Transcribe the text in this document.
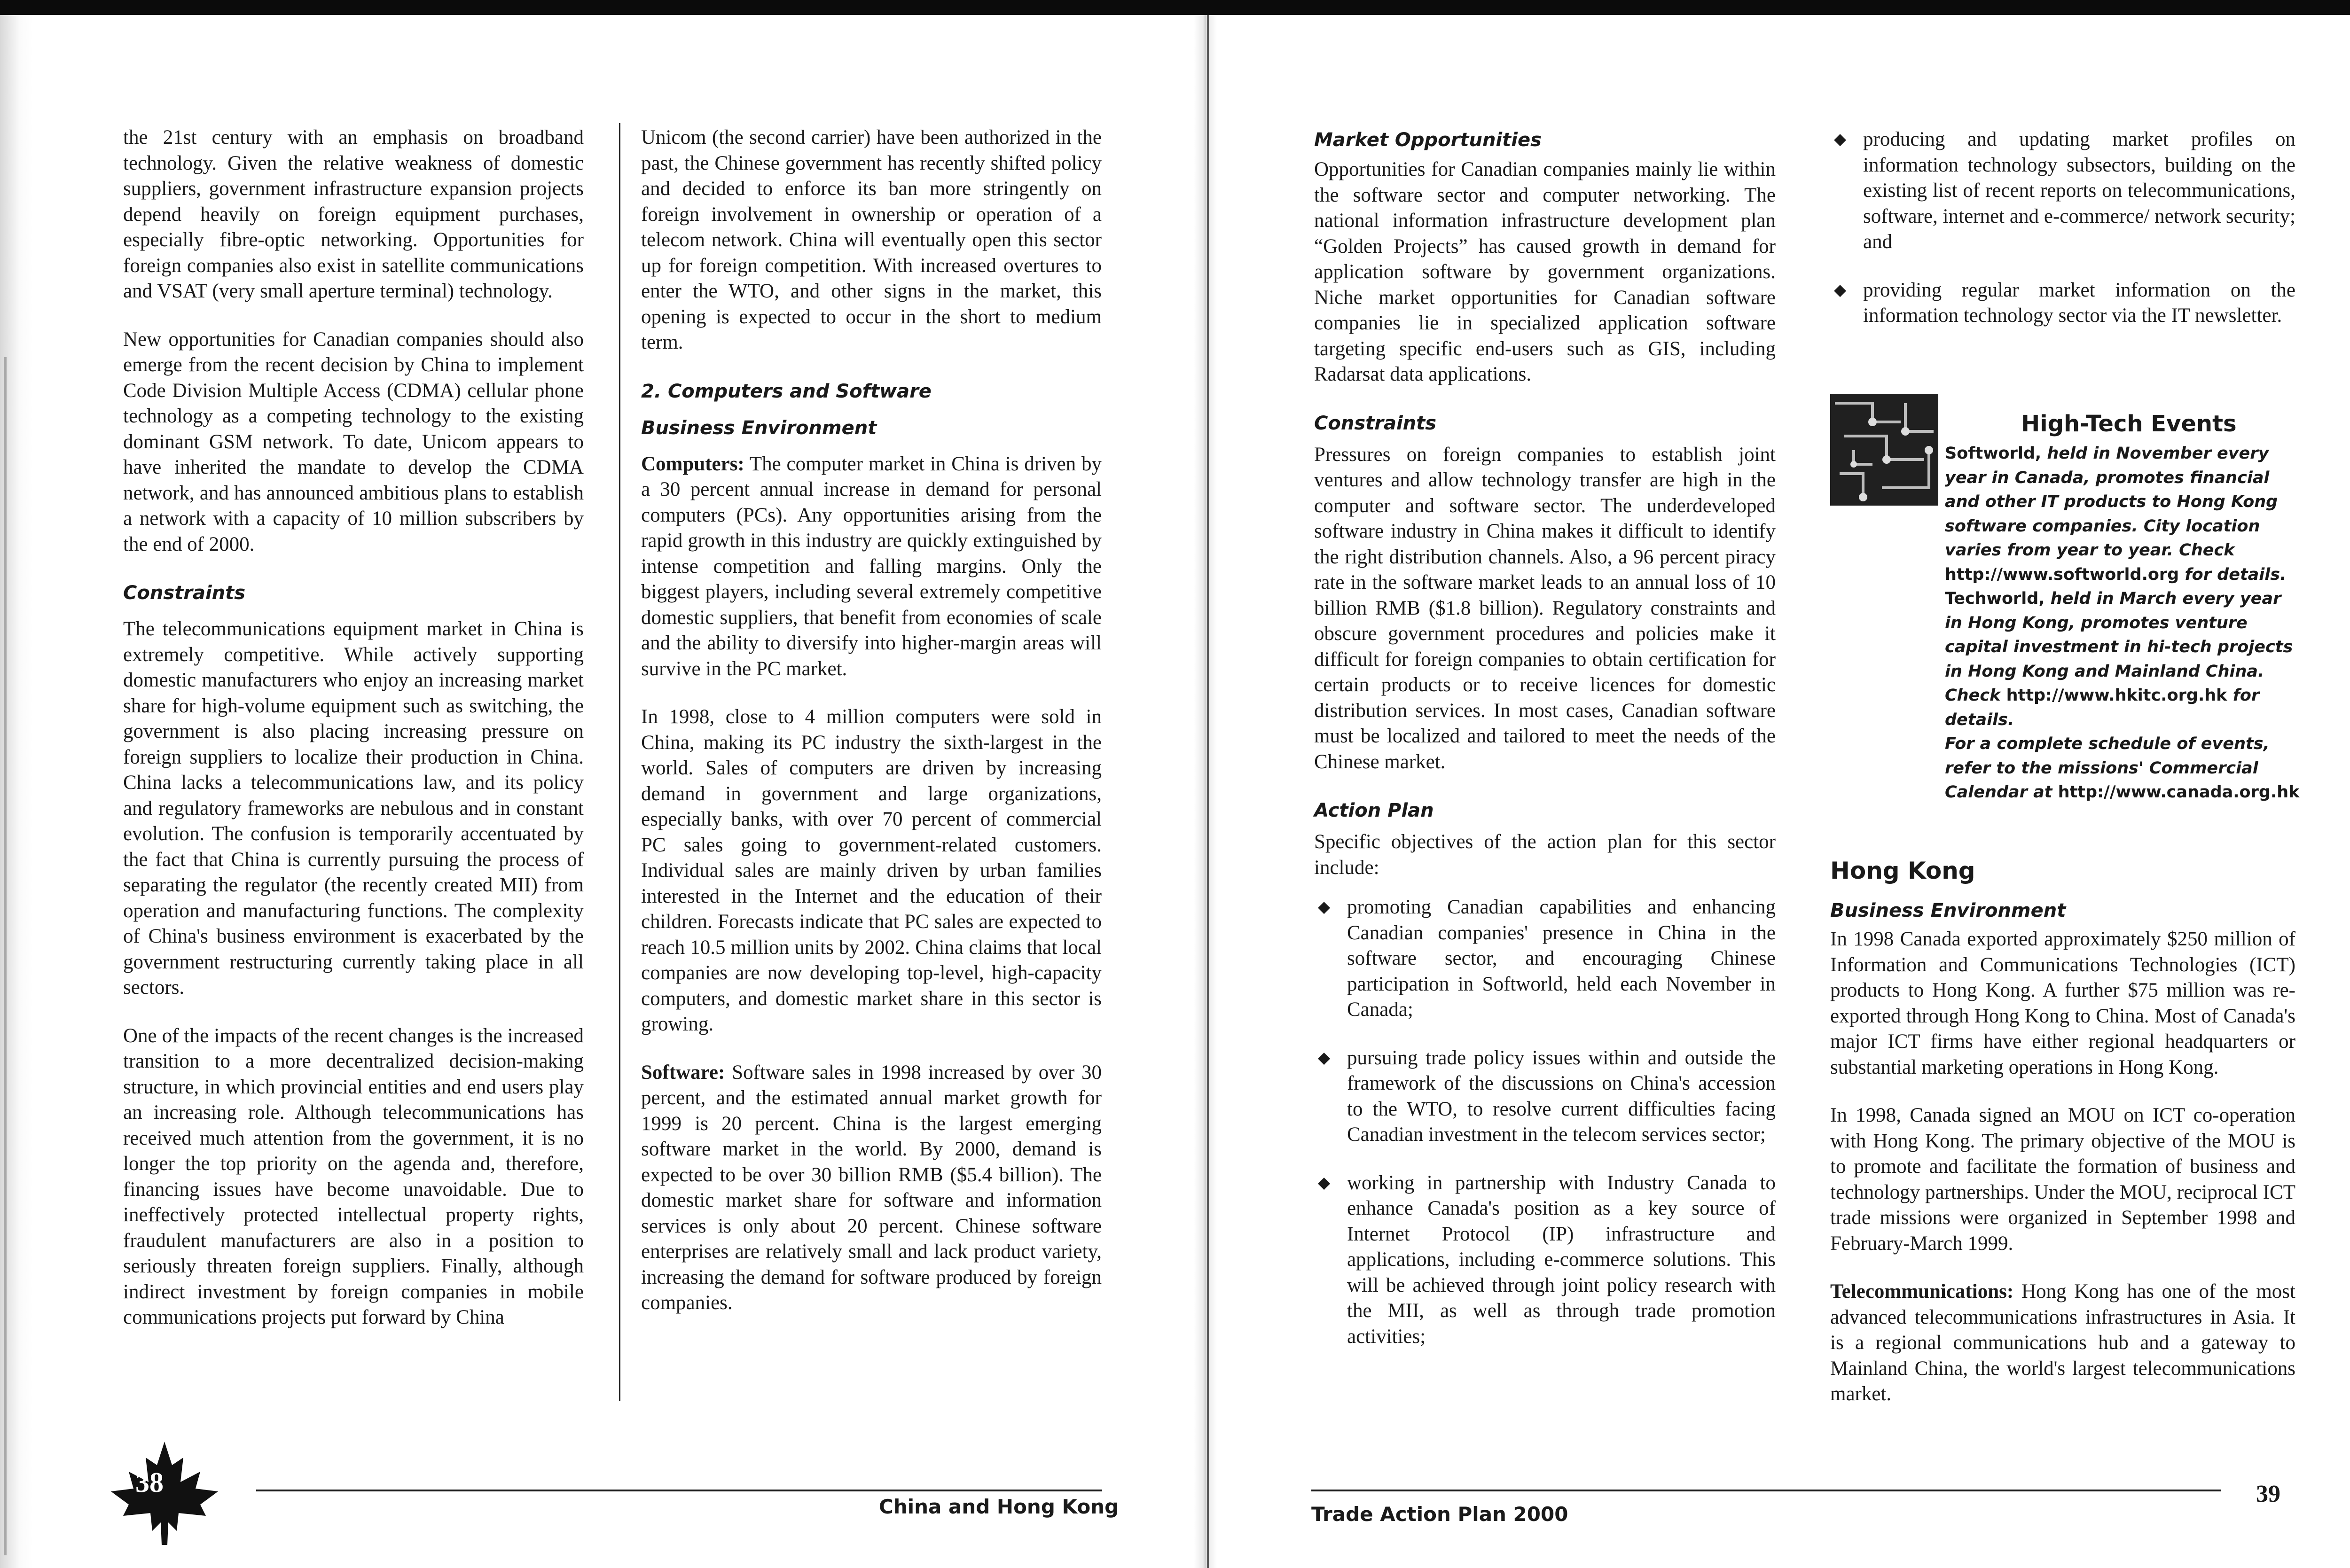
the 21st century with an emphasis on broadband technology. Given the relative weakness of domestic suppliers, government infrastructure expansion projects depend heavily on foreign equipment purchases, especially fibre-optic networking. Opportunities for foreign companies also exist in satellite communications and VSAT (very small aperture terminal) technology.

New opportunities for Canadian companies should also emerge from the recent decision by China to implement Code Division Multiple Access (CDMA) cellular phone technology as a competing technology to the existing dominant GSM network. To date, Unicom appears to have inherited the mandate to develop the CDMA network, and has announced ambitious plans to establish a network with a capacity of 10 million subscribers by the end of 2000.

Constraints

The telecommunications equipment market in China is extremely competitive. While actively supporting domestic manufacturers who enjoy an increasing market share for high-volume equipment such as switching, the government is also placing increasing pressure on foreign suppliers to localize their production in China. China lacks a telecommunications law, and its policy and regulatory frameworks are nebulous and in constant evolution. The confusion is temporarily accentuated by the fact that China is currently pursuing the process of separating the regulator (the recently created MII) from operation and manufacturing functions. The complexity of China's business environment is exacerbated by the government restructuring currently taking place in all sectors.

One of the impacts of the recent changes is the increased transition to a more decentralized decision-making structure, in which provincial entities and end users play an increasing role. Although telecommunications has received much attention from the government, it is no longer the top priority on the agenda and, therefore, financing issues have become unavoidable. Due to ineffectively protected intellectual property rights, fraudulent manufacturers are also in a position to seriously threaten foreign suppliers. Finally, although indirect investment by foreign companies in mobile communications projects put forward by China

Unicom (the second carrier) have been authorized in the past, the Chinese government has recently shifted policy and decided to enforce its ban more stringently on foreign involvement in ownership or operation of a telecom network. China will eventually open this sector up for foreign competition. With increased overtures to enter the WTO, and other signs in the market, this opening is expected to occur in the short to medium term.

2. Computers and Software
Business Environment

Computers: The computer market in China is driven by a 30 percent annual increase in demand for personal computers (PCs). Any opportunities arising from the rapid growth in this industry are quickly extinguished by intense competition and falling margins. Only the biggest players, including several extremely competitive domestic suppliers, that benefit from economies of scale and the ability to diversify into higher-margin areas will survive in the PC market.

In 1998, close to 4 million computers were sold in China, making its PC industry the sixth-largest in the world. Sales of computers are driven by increasing demand in government and large organizations, especially banks, with over 70 percent of commercial PC sales going to government-related customers. Individual sales are mainly driven by urban families interested in the Internet and the education of their children. Forecasts indicate that PC sales are expected to reach 10.5 million units by 2002. China claims that local companies are now developing top-level, high-capacity computers, and domestic market share in this sector is growing.

Software: Software sales in 1998 increased by over 30 percent, and the estimated annual market growth for 1999 is 20 percent. China is the largest emerging software market in the world. By 2000, demand is expected to be over 30 billion RMB ($5.4 billion). The domestic market share for software and information services is only about 20 percent. Chinese software enterprises are relatively small and lack product variety, increasing the demand for software produced by foreign companies.

38
China and Hong Kong
Market Opportunities

Opportunities for Canadian companies mainly lie within the software sector and computer networking. The national information infrastructure development plan “Golden Projects” has caused growth in demand for application software by government organizations. Niche market opportunities for Canadian software companies lie in specialized application software targeting specific end-users such as GIS, including Radarsat data applications.

Constraints

Pressures on foreign companies to establish joint ventures and allow technology transfer are high in the computer and software sector. The underdeveloped software industry in China makes it difficult to identify the right distribution channels. Also, a 96 percent piracy rate in the software market leads to an annual loss of 10 billion RMB ($1.8 billion). Regulatory constraints and obscure government procedures and policies make it difficult for foreign companies to obtain certification for certain products or to receive licences for domestic distribution services. In most cases, Canadian software must be localized and tailored to meet the needs of the Chinese market.

Action Plan

Specific objectives of the action plan for this sector include:

◆ promoting Canadian capabilities and enhancing Canadian companies' presence in China in the software sector, and encouraging Chinese participation in Softworld, held each November in Canada;
◆ pursuing trade policy issues within and outside the framework of the discussions on China's accession to the WTO, to resolve current difficulties facing Canadian investment in the telecom services sector;
◆ working in partnership with Industry Canada to enhance Canada's position as a key source of Internet Protocol (IP) infrastructure and applications, including e-commerce solutions. This will be achieved through joint policy research with the MII, as well as through trade promotion activities;
◆ producing and updating market profiles on information technology subsectors, building on the existing list of recent reports on telecommunications, software, internet and e-commerce/ network security; and
◆ providing regular market information on the information technology sector via the IT newsletter.
High-Tech Events

Softworld, held in November every year in Canada, promotes financial and other IT products to Hong Kong software companies. City location varies from year to year. Check http://www.softworld.org for details.

Techworld, held in March every year in Hong Kong, promotes venture capital investment in hi-tech projects in Hong Kong and Mainland China. Check http://www.hkitc.org.hk for details.

For a complete schedule of events, refer to the missions' Commercial Calendar at http://www.canada.org.hk

Hong Kong
Business Environment

In 1998 Canada exported approximately $250 million of Information and Communications Technologies (ICT) products to Hong Kong. A further $75 million was re-exported through Hong Kong to China. Most of Canada's major ICT firms have either regional headquarters or substantial marketing operations in Hong Kong.

In 1998, Canada signed an MOU on ICT co-operation with Hong Kong. The primary objective of the MOU is to promote and facilitate the formation of business and technology partnerships. Under the MOU, reciprocal ICT trade missions were organized in September 1998 and February-March 1999.

Telecommunications: Hong Kong has one of the most advanced telecommunications infrastructures in Asia. It is a regional communications hub and a gateway to Mainland China, the world's largest telecommunications market.

Trade Action Plan 2000
39
